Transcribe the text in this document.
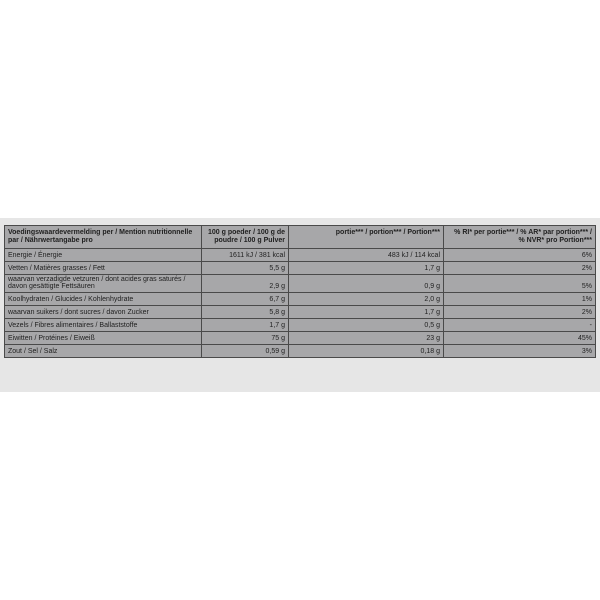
Voedingswaardevermelding per / Mention nutritionnelle par / Nährwertangabe pro	100 g poeder / 100 g de poudre / 100 g Pulver	portie*** / portion*** / Portion***	% RI* per portie*** / % AR* par portion*** / % NVR* pro Portion***
Energie / Énergie	1611 kJ / 381 kcal	483 kJ / 114 kcal	6%
Vetten / Matières grasses / Fett	5,5 g	1,7 g	2%
waarvan verzadigde vetzuren / dont acides gras saturés / davon gesättigte Fettsäuren	2,9 g	0,9 g	5%
Koolhydraten / Glucides / Kohlenhydrate	6,7 g	2,0 g	1%
waarvan suikers / dont sucres / davon Zucker	5,8 g	1,7 g	2%
Vezels / Fibres alimentaires / Ballaststoffe	1,7 g	0,5 g	-
Eiwitten / Protéines / Eiweiß	75 g	23 g	45%
Zout / Sel / Salz	0,59 g	0,18 g	3%
